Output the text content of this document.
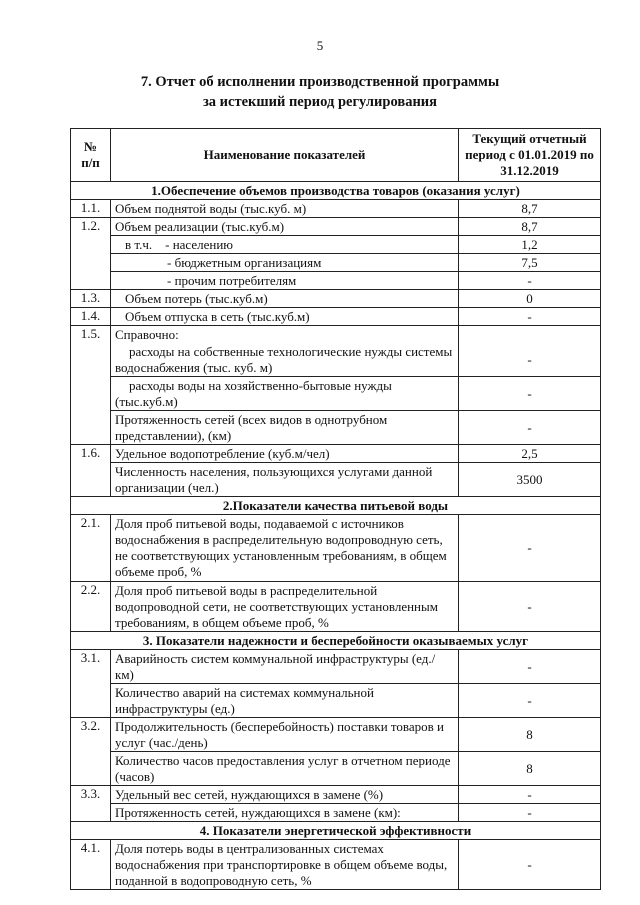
5
7. Отчет об исполнении производственной программы
за истекший период регулирования
№ п/п	Наименование показателей	Текущий отчетный период с 01.01.2019 по 31.12.2019
1.Обеспечение объемов производства товаров (оказания услуг)		
1.1.	Объем поднятой воды (тыс.куб. м)	8,7
1.2.	Объем реализации (тыс.куб.м)	8,7
	в т.ч.    - населению	1,2
	- бюджетным организациям	7,5
	- прочим потребителям	-
1.3.	Объем потерь (тыс.куб.м)	0
1.4.	Объем отпуска в сеть (тыс.куб.м)	-
1.5.	Справочно:	

	расходы на собственные технологические нужды системы водоснабжения (тыс. куб. м)	-

	расходы воды на хозяйственно-бытовые нужды (тыс.куб.м)	-
	Протяженность сетей (всех видов в однотрубном представлении), (км)	-
1.6.	Удельное водопотребление (куб.м/чел)	2,5
	Численность населения, пользующихся услугами данной организации (чел.)	3500
2.Показатели качества питьевой воды		
2.1.	Доля проб питьевой воды, подаваемой с источников водоснабжения в распределительную водопроводную сеть, не соответствующих установленным требованиям, в общем объеме проб, %	-
2.2.	Доля проб питьевой воды в распределительной водопроводной сети, не соответствующих установленным требованиям, в общем объеме проб, %	-
3. Показатели надежности и бесперебойности оказываемых услуг		
3.1.	Аварийность систем коммунальной инфраструктуры (ед./км)	-
	Количество аварий на системах коммунальной инфраструктуры (ед.)	-
3.2.	Продолжительность (бесперебойность) поставки товаров и услуг (час./день)	8
	Количество часов предоставления услуг в отчетном периоде (часов)	8
3.3.	Удельный вес сетей, нуждающихся в замене (%)	-
	Протяженность сетей, нуждающихся в замене (км):	-
4. Показатели энергетической эффективности		
4.1.	Доля потерь воды в централизованных системах водоснабжения при транспортировке в общем объеме воды, поданной в водопроводную сеть, %	-
